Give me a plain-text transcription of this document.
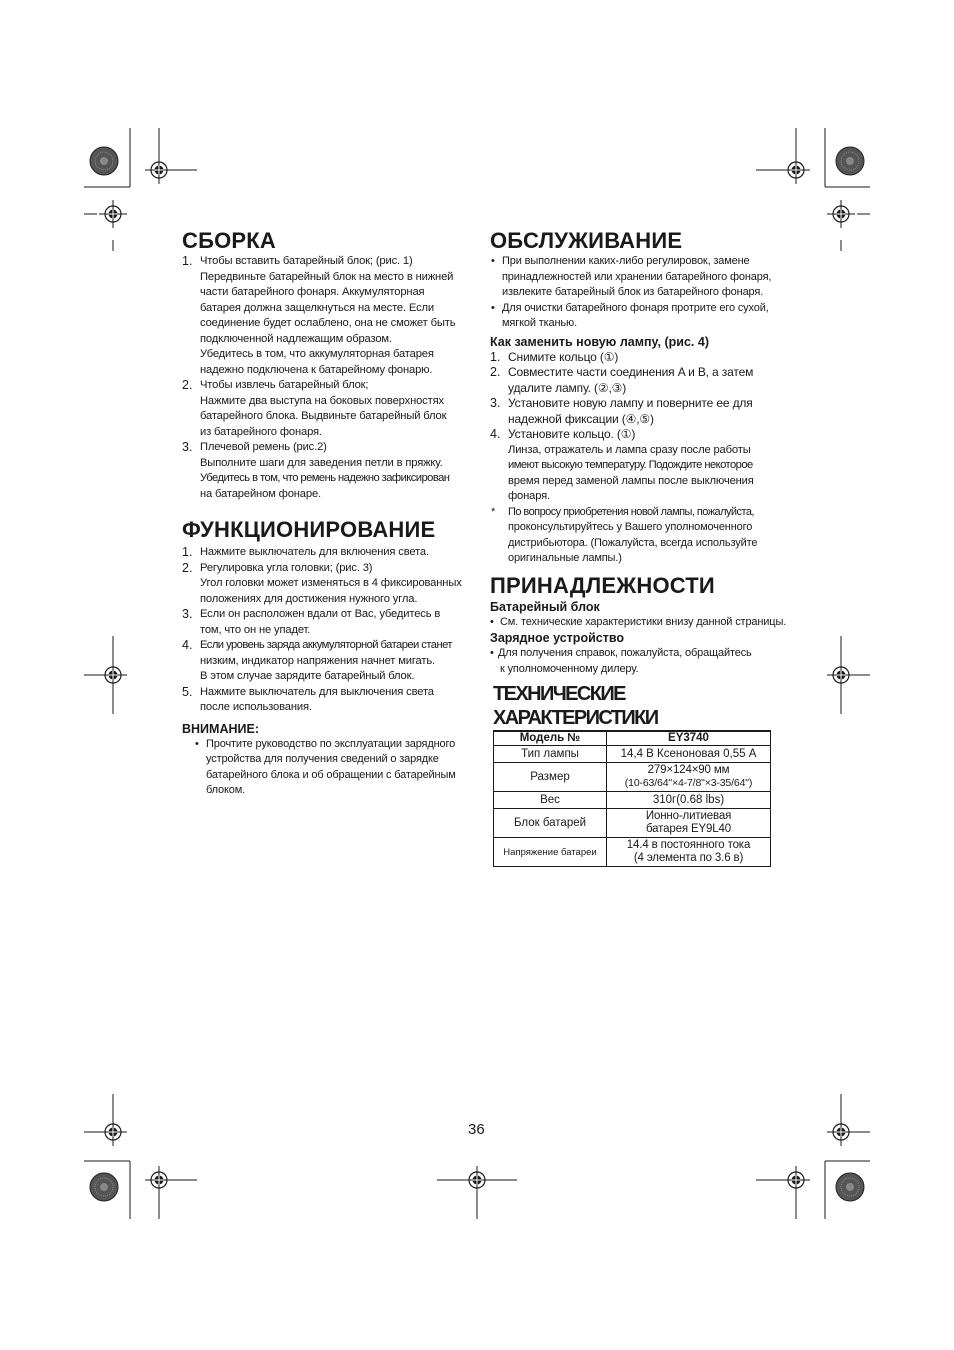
СБОРКА
1. Чтобы вставить батарейный блок; (рис. 1)
Передвиньте батарейный блок на место в нижней
части батарейного фонаря. Аккумуляторная
батарея должна защелкнуться на месте. Если
соединение будет ослаблено, она не сможет быть
подключенной надлежащим образом.
Убедитесь в том, что аккумуляторная батарея
надежно подключена к батарейному фонарю.
2. Чтобы извлечь батарейный блок;
Нажмите два выступа на боковых поверхностях
батарейного блока. Выдвиньте батарейный блок
из батарейного фонаря.
3. Плечевой ремень (рис.2)
Выполните шаги для заведения петли в пряжку.
Убедитесь в том, что ремень надежно зафиксирован
на батарейном фонаре.
ФУНКЦИОНИРОВАНИЕ
1. Нажмите выключатель для включения света.
2. Регулировка угла головки; (рис. 3)
Угол головки может изменяться в 4 фиксированных
положениях для достижения нужного угла.
3. Если он расположен вдали от Вас, убедитесь в
том, что он не упадет.
4. Если уровень заряда аккумуляторной батареи станет
низким, индикатор напряжения начнет мигать.
В этом случае зарядите батарейный блок.
5. Нажмите выключатель для выключения света
после использования.

ВНИМАНИЕ:

• Прочтите руководство по эксплуатации зарядного
устройства для получения сведений о зарядке
батарейного блока и об обращении с батарейным
блоком.
ОБСЛУЖИВАНИЕ
• При выполнении каких-либо регулировок, замене
принадлежностей или хранении батарейного фонаря,
извлеките батарейный блок из батарейного фонаря.
• Для очистки батарейного фонаря протрите его сухой,
мягкой тканью.

Как заменить новую лампу, (рис. 4)

1. Снимите кольцо (①)
2. Совместите части соединения A и B, а затем
удалите лампу. (②,③)
3. Установите новую лампу и поверните ее для
надежной фиксации (④,⑤)
4. Установите кольцо. (①)
Линза, отражатель и лампа сразу после работы
имеют высокую температуру. Подождите некоторое
время перед заменой лампы после выключения
фонаря.
* По вопросу приобретения новой лампы, пожалуйста,
проконсультируйтесь у Вашего уполномоченного
дистрибьютора. (Пожалуйста, всегда используйте
оригинальные лампы.)
ПРИНАДЛЕЖНОСТИ

Батарейный блок

• См. технические характеристики внизу данной страницы.

Зарядное устройство

• Для получения справок, пожалуйста, обращайтесь
к уполномоченному дилеру.
ТЕХНИЧЕСКИЕ ХАРАКТЕРИСТИКИ
Модель №	EY3740
Тип лампы	14,4 В Ксеноновая 0,55 A
Размер	279×124×90 мм
(10-63/64"×4-7/8"×3-35/64")

Вес	310г(0.68 lbs)
Блок батарей	Ионно-литиевая
батарея EY9L40

Напряжение батареи	14.4 в постоянного тока
(4 элемента по 3.6 в)
36
